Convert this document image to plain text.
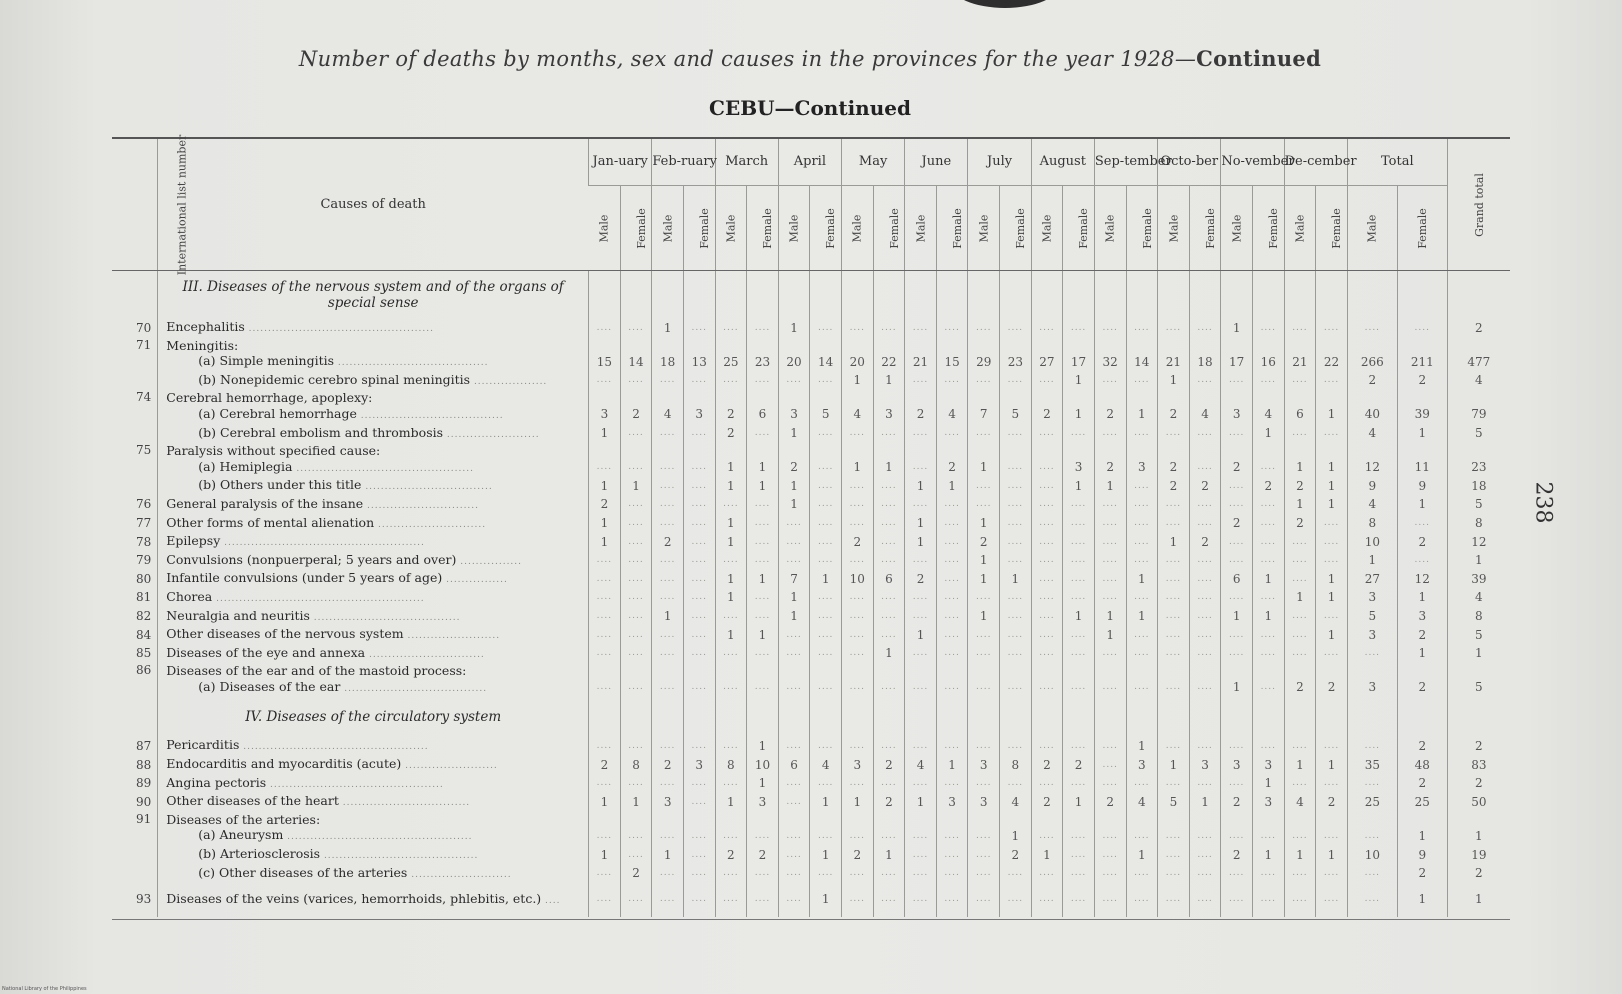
Number of deaths by months, sex and causes in the provinces for the year 1928—Continued
CEBU—Continued
238
International list number	Causes of death	Jan-uary		Feb-ruary		March		April		May		June		July		August		Sep-tember		Octo-ber		No-vember		De-cember		Total		Grand total
		Male	Female	Male	Female	Male	Female	Male	Female	Male	Female	Male	Female	Male	Female	Male	Female	Male	Female	Male	Female	Male	Female	Male	Female	Male	Female	
	III. Diseases of the nervous system and of the organs of special sense																											
70	Encephalitis ................................................	....	....	1	....	....	....	1	....	....	....	....	....	....	....	....	....	....	....	....	....	1	....	....	....	....	....	2
71	Meningitis:																											
	(a) Simple meningitis .......................................	15	14	18	13	25	23	20	14	20	22	21	15	29	23	27	17	32	14	21	18	17	16	21	22	266	211	477
	(b) Nonepidemic cerebro spinal meningitis ...................	....	....	....	....	....	....	....	....	1	1	....	....	....	....	....	1	....	....	1	....	....	....	....	....	2	2	4
74	Cerebral hemorrhage, apoplexy:																											
	(a) Cerebral hemorrhage .....................................	3	2	4	3	2	6	3	5	4	3	2	4	7	5	2	1	2	1	2	4	3	4	6	1	40	39	79
	(b) Cerebral embolism and thrombosis ........................	1	....	....	....	2	....	1	....	....	....	....	....	....	....	....	....	....	....	....	....	....	1	....	....	4	1	5
75	Paralysis without specified cause:																											
	(a) Hemiplegia ..............................................	....	....	....	....	1	1	2	....	1	1	....	2	1	....	....	3	2	3	2	....	2	....	1	1	12	11	23
	(b) Others under this title .................................	1	1	....	....	1	1	1	....	....	....	1	1	....	....	....	1	1	....	2	2	....	2	2	1	9	9	18
76	General paralysis of the insane .............................	2	....	....	....	....	....	1	....	....	....	....	....	....	....	....	....	....	....	....	....	....	....	1	1	4	1	5
77	Other forms of mental alienation ............................	1	....	....	....	1	....	....	....	....	....	1	....	1	....	....	....	....	....	....	....	2	....	2	....	8	....	8
78	Epilepsy ....................................................	1	....	2	....	1	....	....	....	2	....	1	....	2	....	....	....	....	....	1	2	....	....	....	....	10	2	12
79	Convulsions (nonpuerperal; 5 years and over) ................	....	....	....	....	....	....	....	....	....	....	....	....	1	....	....	....	....	....	....	....	....	....	....	....	1	....	1
80	Infantile convulsions (under 5 years of age) ................	....	....	....	....	1	1	7	1	10	6	2	....	1	1	....	....	....	1	....	....	6	1	....	1	27	12	39
81	Chorea ......................................................	....	....	....	....	1	....	1	....	....	....	....	....	....	....	....	....	....	....	....	....	....	....	1	1	3	1	4
82	Neuralgia and neuritis ......................................	....	....	1	....	....	....	1	....	....	....	....	....	1	....	....	1	1	1	....	....	1	1	....	....	5	3	8
84	Other diseases of the nervous system ........................	....	....	....	....	1	1	....	....	....	....	1	....	....	....	....	....	1	....	....	....	....	....	....	1	3	2	5
85	Diseases of the eye and annexa ..............................	....	....	....	....	....	....	....	....	....	1	....	....	....	....	....	....	....	....	....	....	....	....	....	....	....	1	1
86	Diseases of the ear and of the mastoid process:																											
	(a) Diseases of the ear .....................................	....	....	....	....	....	....	....	....	....	....	....	....	....	....	....	....	....	....	....	....	1	....	2	2	3	2	5
	IV. Diseases of the circulatory system																											
87	Pericarditis ................................................	....	....	....	....	....	1	....	....	....	....	....	....	....	....	....	....	....	1	....	....	....	....	....	....	....	2	2
88	Endocarditis and myocarditis (acute) ........................	2	8	2	3	8	10	6	4	3	2	4	1	3	8	2	2	....	3	1	3	3	3	1	1	35	48	83
89	Angina pectoris .............................................	....	....	....	....	....	1	....	....	....	....	....	....	....	....	....	....	....	....	....	....	....	1	....	....	....	2	2
90	Other diseases of the heart .................................	1	1	3	....	1	3	....	1	1	2	1	3	3	4	2	1	2	4	5	1	2	3	4	2	25	25	50
91	Diseases of the arteries:																											
	(a) Aneurysm ................................................	....	....	....	....	....	....	....	....	....	....	....	....	....	1	....	....	....	....	....	....	....	....	....	....	....	1	1
	(b) Arteriosclerosis ........................................	1	....	1	....	2	2	....	1	2	1	....	....	....	2	1	....	....	1	....	....	2	1	1	1	10	9	19
	(c) Other diseases of the arteries ..........................	....	2	....	....	....	....	....	....	....	....	....	....	....	....	....	....	....	....	....	....	....	....	....	....	....	2	2
93	Diseases of the veins (varices, hemorrhoids, phlebitis, etc.) ....	....	....	....	....	....	....	....	1	....	....	....	....	....	....	....	....	....	....	....	....	....	....	....	....	....	1	1
National Library of the Philippines
